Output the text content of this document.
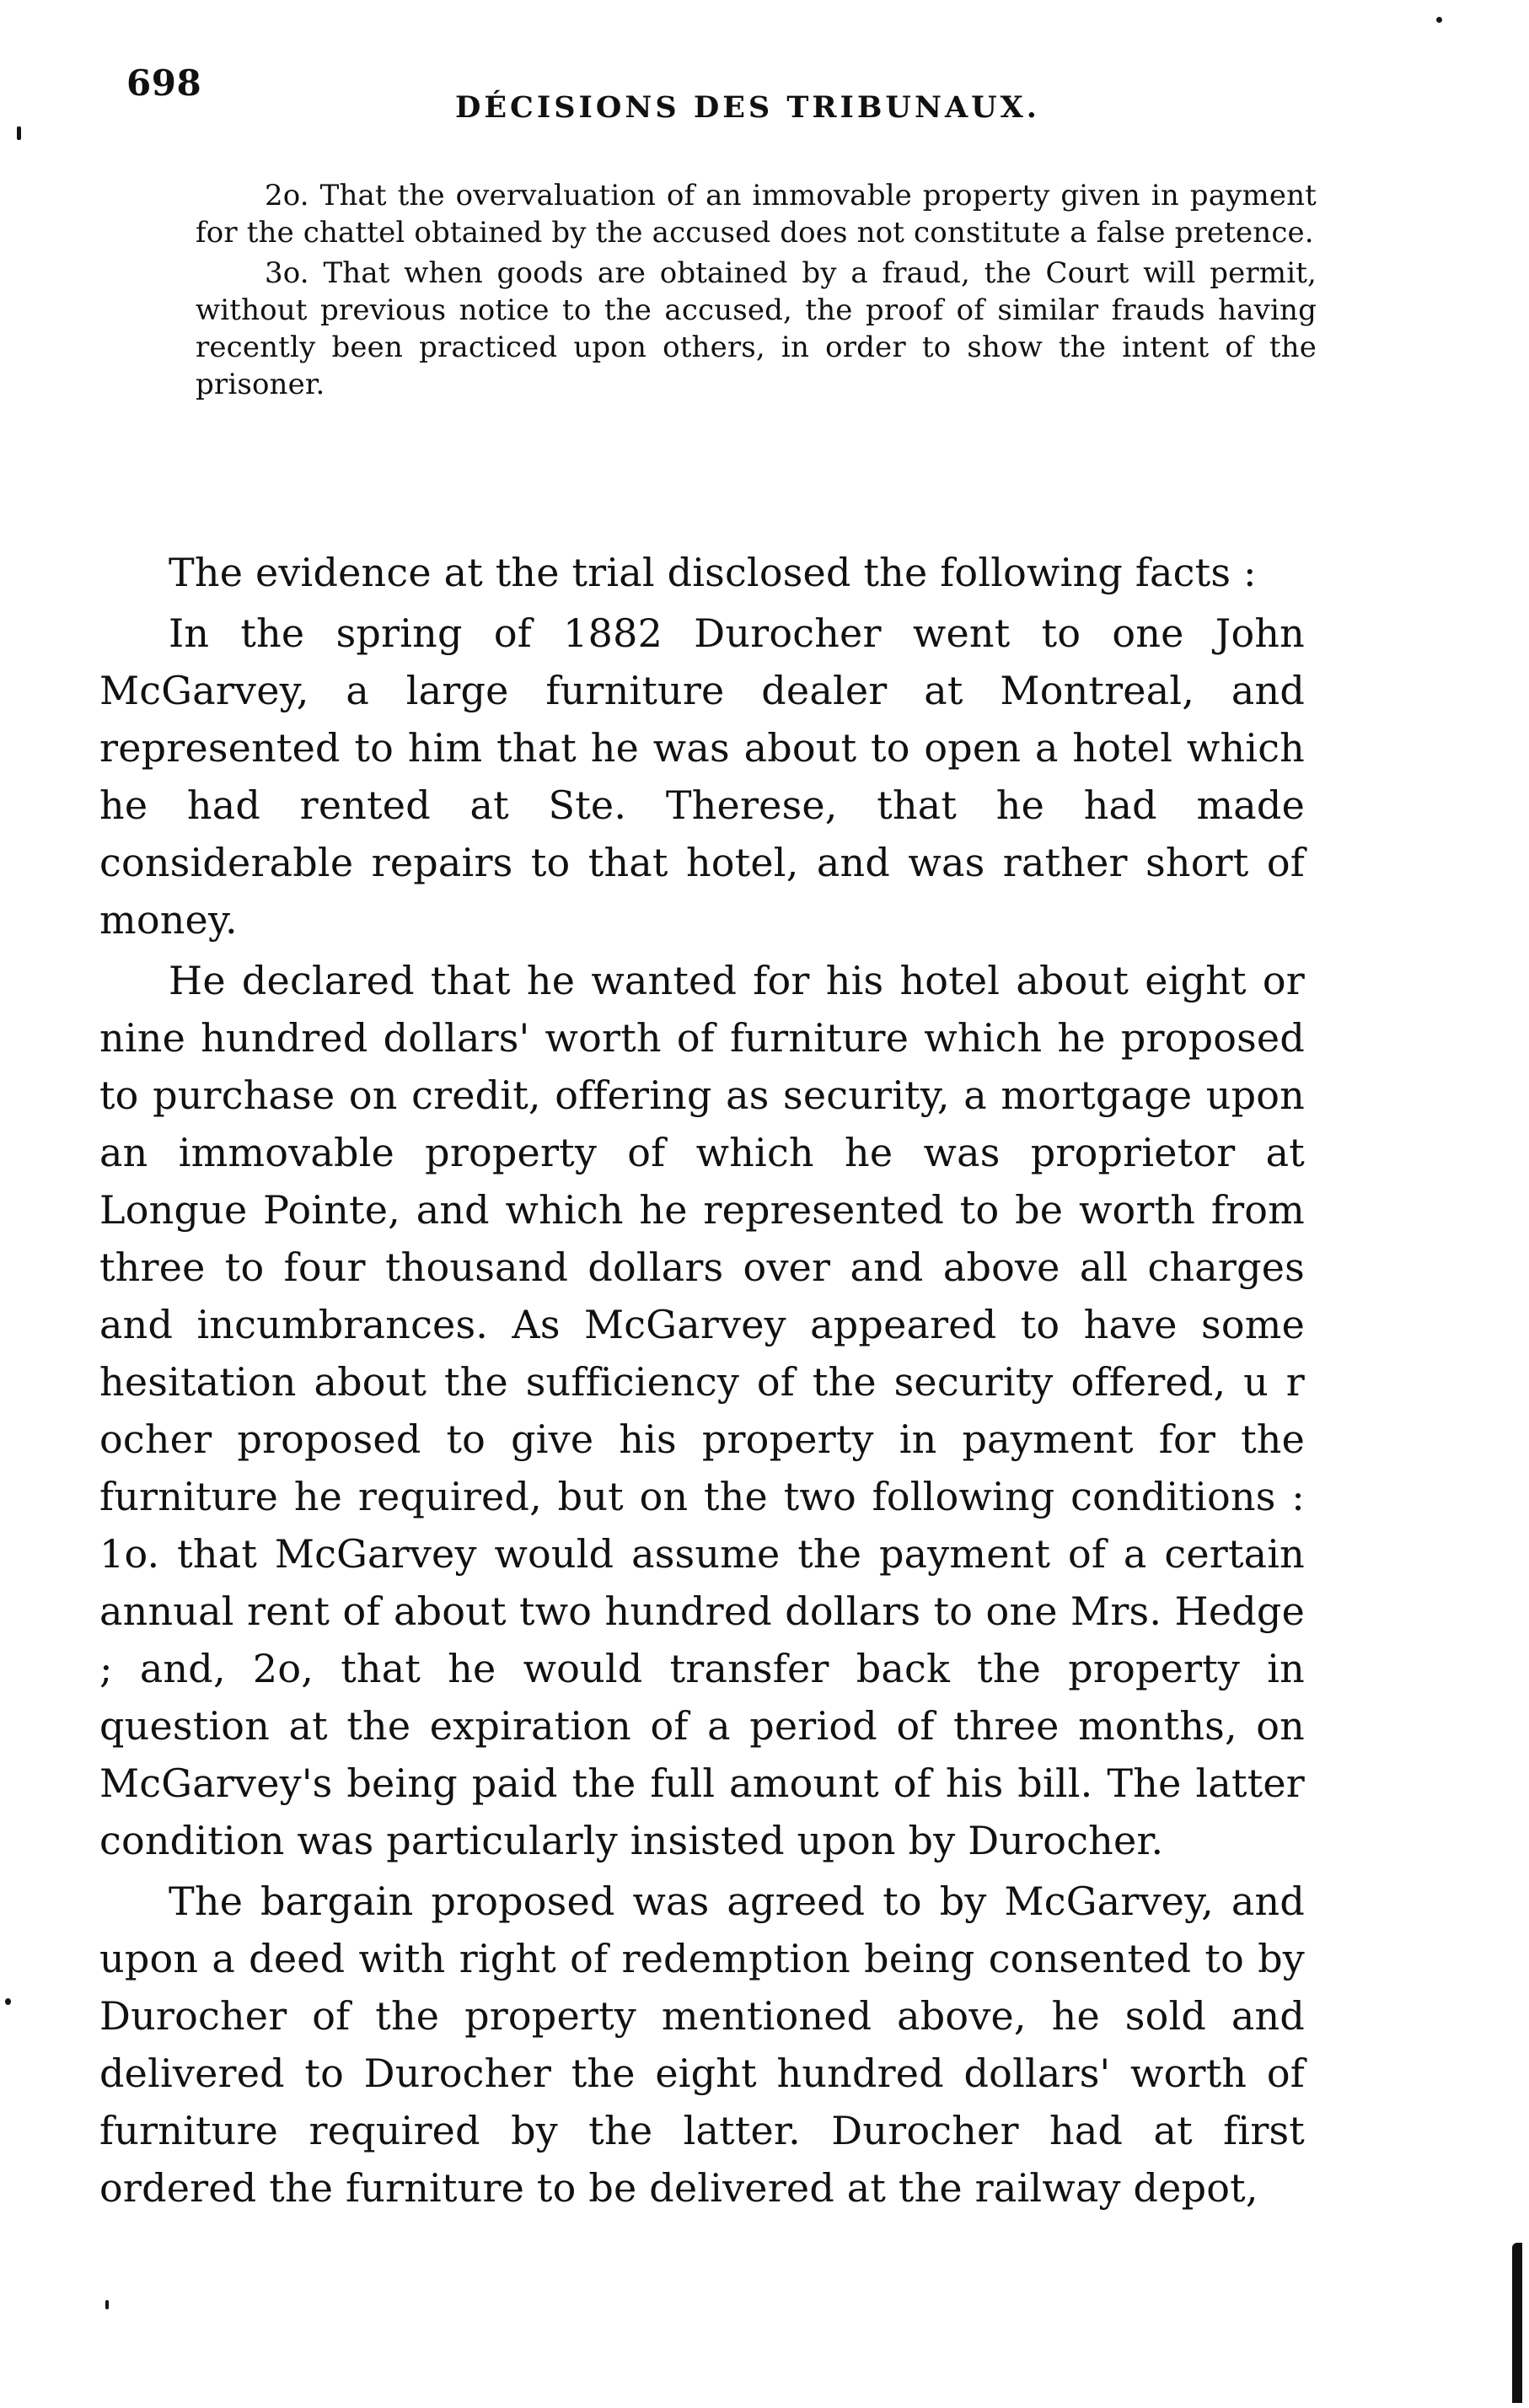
698
DÉCISIONS DES TRIBUNAUX.

2o. That the overvaluation of an immovable property given in payment for the chattel obtained by the accused does not constitute a false pretence.

3o. That when goods are obtained by a fraud, the Court will permit, without previous notice to the accused, the proof of similar frauds having recently been practiced upon others, in order to show the intent of the prisoner.

The evidence at the trial disclosed the following facts :

In the spring of 1882 Durocher went to one John McGarvey, a large furniture dealer at Montreal, and represented to him that he was about to open a hotel which he had rented at Ste. Therese, that he had made considerable repairs to that hotel, and was rather short of money.

He declared that he wanted for his hotel about eight or nine hundred dollars' worth of furniture which he proposed to purchase on credit, offering as security, a mortgage upon an immovable property of which he was proprietor at Longue Pointe, and which he represented to be worth from three to four thousand dollars over and above all charges and incumbrances. As McGarvey appeared to have some hesitation about the sufficiency of the security offered, u r ocher proposed to give his property in payment for the furniture he required, but on the two following conditions : 1o. that McGarvey would assume the payment of a certain annual rent of about two hundred dollars to one Mrs. Hedge ; and, 2o, that he would transfer back the property in question at the expiration of a period of three months, on McGarvey's being paid the full amount of his bill. The latter condition was particularly insisted upon by Durocher.

The bargain proposed was agreed to by McGarvey, and upon a deed with right of redemption being consented to by Durocher of the property mentioned above, he sold and delivered to Durocher the eight hundred dollars' worth of furniture required by the latter. Durocher had at first ordered the furniture to be delivered at the railway depot,
